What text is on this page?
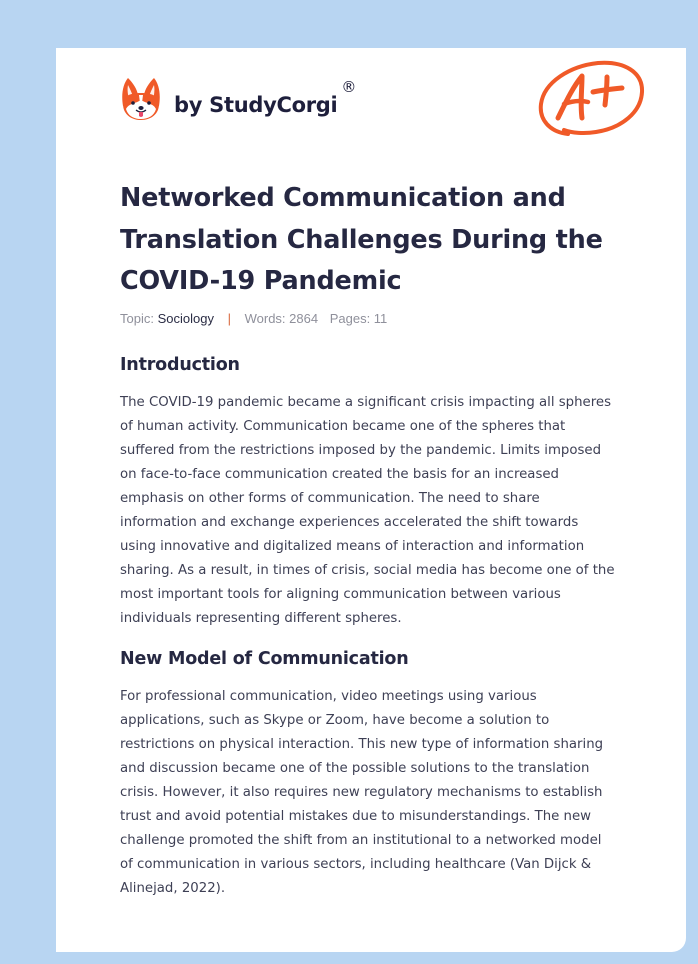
by StudyCorgi
®
Networked Communication and
Translation Challenges During the
COVID-19 Pandemic
Topic: Sociology | Words: 2864 Pages: 11
Introduction

The COVID-19 pandemic became a significant crisis impacting all spheres
of human activity. Communication became one of the spheres that
suffered from the restrictions imposed by the pandemic. Limits imposed
on face-to-face communication created the basis for an increased
emphasis on other forms of communication. The need to share
information and exchange experiences accelerated the shift towards
using innovative and digitalized means of interaction and information
sharing. As a result, in times of crisis, social media has become one of the
most important tools for aligning communication between various
individuals representing different spheres.

New Model of Communication

For professional communication, video meetings using various
applications, such as Skype or Zoom, have become a solution to
restrictions on physical interaction. This new type of information sharing
and discussion became one of the possible solutions to the translation
crisis. However, it also requires new regulatory mechanisms to establish
trust and avoid potential mistakes due to misunderstandings. The new
challenge promoted the shift from an institutional to a networked model
of communication in various sectors, including healthcare (Van Dijck &
Alinejad, 2022).
